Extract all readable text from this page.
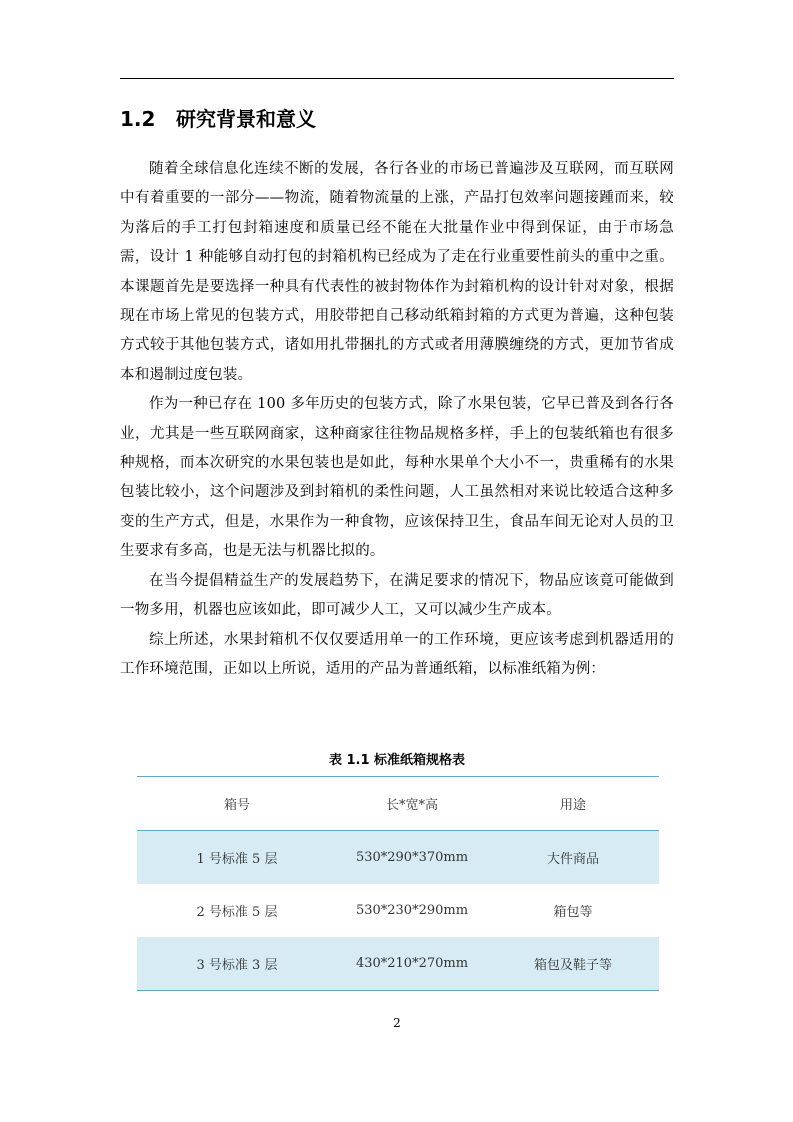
1.2 研究背景和意义

随着全球信息化连续不断的发展，各行各业的市场已普遍涉及互联网，而互联网中有着重要的一部分——物流，随着物流量的上涨，产品打包效率问题接踵而来，较为落后的手工打包封箱速度和质量已经不能在大批量作业中得到保证，由于市场急需，设计 1 种能够自动打包的封箱机构已经成为了走在行业重要性前头的重中之重。本课题首先是要选择一种具有代表性的被封物体作为封箱机构的设计针对对象，根据现在市场上常见的包装方式，用胶带把自己移动纸箱封箱的方式更为普遍，这种包装方式较于其他包装方式，诸如用扎带捆扎的方式或者用薄膜缠绕的方式，更加节省成本和遏制过度包装。

作为一种已存在 100 多年历史的包装方式，除了水果包装，它早已普及到各行各业，尤其是一些互联网商家，这种商家往往物品规格多样，手上的包装纸箱也有很多种规格，而本次研究的水果包装也是如此，每种水果单个大小不一，贵重稀有的水果包装比较小，这个问题涉及到封箱机的柔性问题，人工虽然相对来说比较适合这种多变的生产方式，但是，水果作为一种食物，应该保持卫生，食品车间无论对人员的卫生要求有多高，也是无法与机器比拟的。

在当今提倡精益生产的发展趋势下，在满足要求的情况下，物品应该竟可能做到一物多用，机器也应该如此，即可减少人工，又可以减少生产成本。

综上所述，水果封箱机不仅仅要适用单一的工作环境，更应该考虑到机器适用的工作环境范围，正如以上所说，适用的产品为普通纸箱，以标准纸箱为例：

表 1.1 标准纸箱规格表
箱号	长*宽*高	用途
1 号标准 5 层	530*290*370mm	大件商品
2 号标准 5 层	530*230*290mm	箱包等
3 号标准 3 层	430*210*270mm	箱包及鞋子等
2
